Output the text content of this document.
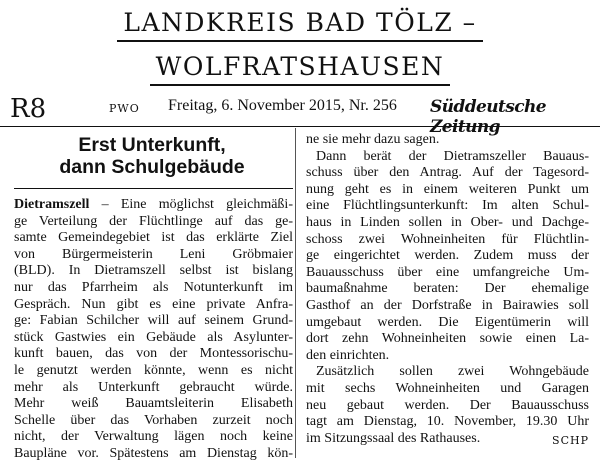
LANDKREIS BAD TÖLZ –
WOLFRATSHAUSEN
R8	PWO Freitag, 6. November 2015, Nr. 256 Süddeutsche Zeitung
Erst Unterkunft,
dann Schulgebäude
Dietramszell – Eine möglichst gleichmäßi-
ge Verteilung der Flüchtlinge auf das ge-
samte Gemeindegebiet ist das erklärte Ziel
von Bürgermeisterin Leni Gröbmaier
(BLD). In Dietramszell selbst ist bislang
nur das Pfarrheim als Notunterkunft im
Gespräch. Nun gibt es eine private Anfra-
ge: Fabian Schilcher will auf seinem Grund-
stück Gastwies ein Gebäude als Asylunter-
kunft bauen, das von der Montessorischu-
le genutzt werden könnte, wenn es nicht
mehr als Unterkunft gebraucht würde.
Mehr weiß Bauamtsleiterin Elisabeth
Schelle über das Vorhaben zurzeit noch
nicht, der Verwaltung lägen noch keine
Baupläne vor. Spätestens am Dienstag kön-
ne sie mehr dazu sagen.
Dann berät der Dietramszeller Bauaus-
schuss über den Antrag. Auf der Tagesord-
nung geht es in einem weiteren Punkt um
eine Flüchtlingsunterkunft: Im alten Schul-
haus in Linden sollen in Ober- und Dachge-
schoss zwei Wohneinheiten für Flüchtlin-
ge eingerichtet werden. Zudem muss der
Bauausschuss über eine umfangreiche Um-
baumaßnahme beraten: Der ehemalige
Gasthof an der Dorfstraße in Bairawies soll
umgebaut werden. Die Eigentümerin will
dort zehn Wohneinheiten sowie einen La-
den einrichten.
Zusätzlich sollen zwei Wohngebäude
mit sechs Wohneinheiten und Garagen
neu gebaut werden. Der Bauausschuss
tagt am Dienstag, 10. November, 19.30 Uhr
im Sitzungssaal des Rathauses.	SCHP
